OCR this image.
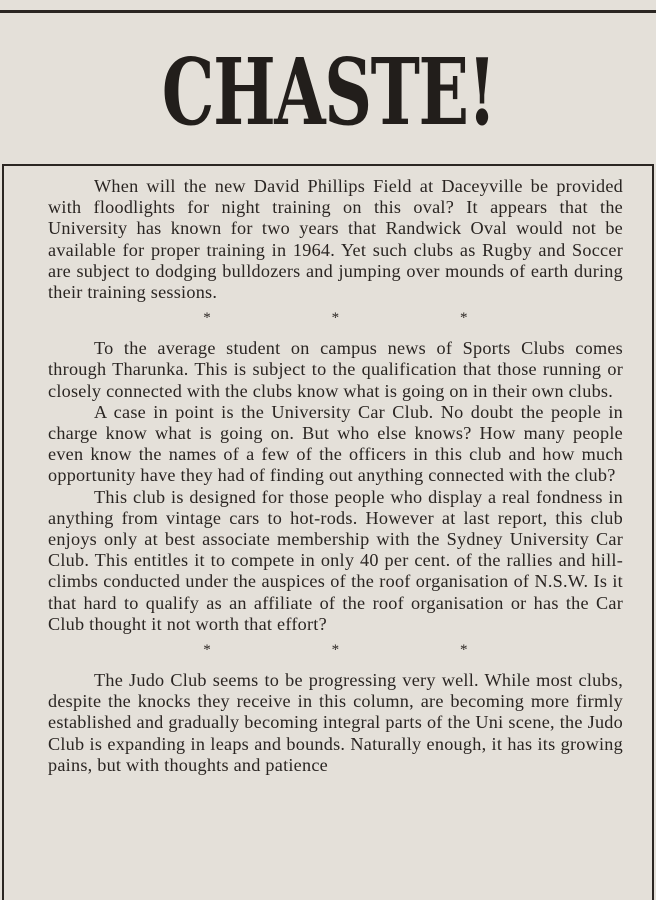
CHASTE!

When will the new David Phillips Field at Daceyville be provided with floodlights for night training on this oval? It appears that the University has known for two years that Randwick Oval would not be available for proper training in 1964. Yet such clubs as Rugby and Soccer are subject to dodging bulldozers and jumping over mounds of earth during their training sessions.

*	*	*

To the average student on campus news of Sports Clubs comes through Tharunka. This is subject to the qualification that those running or closely connected with the clubs know what is going on in their own clubs.

A case in point is the University Car Club. No doubt the people in charge know what is going on. But who else knows? How many people even know the names of a few of the officers in this club and how much opportunity have they had of finding out anything connected with the club?

This club is designed for those people who display a real fondness in anything from vintage cars to hot-rods. However at last report, this club enjoys only at best associate membership with the Sydney University Car Club. This entitles it to compete in only 40 per cent. of the rallies and hill-climbs conducted under the auspices of the roof organisation of N.S.W. Is it that hard to qualify as an affiliate of the roof organisation or has the Car Club thought it not worth that effort?

*	*	*

The Judo Club seems to be progressing very well. While most clubs, despite the knocks they receive in this column, are becoming more firmly established and gradually becoming integral parts of the Uni scene, the Judo Club is expanding in leaps and bounds. Naturally enough, it has its growing pains, but with thoughts and patience
